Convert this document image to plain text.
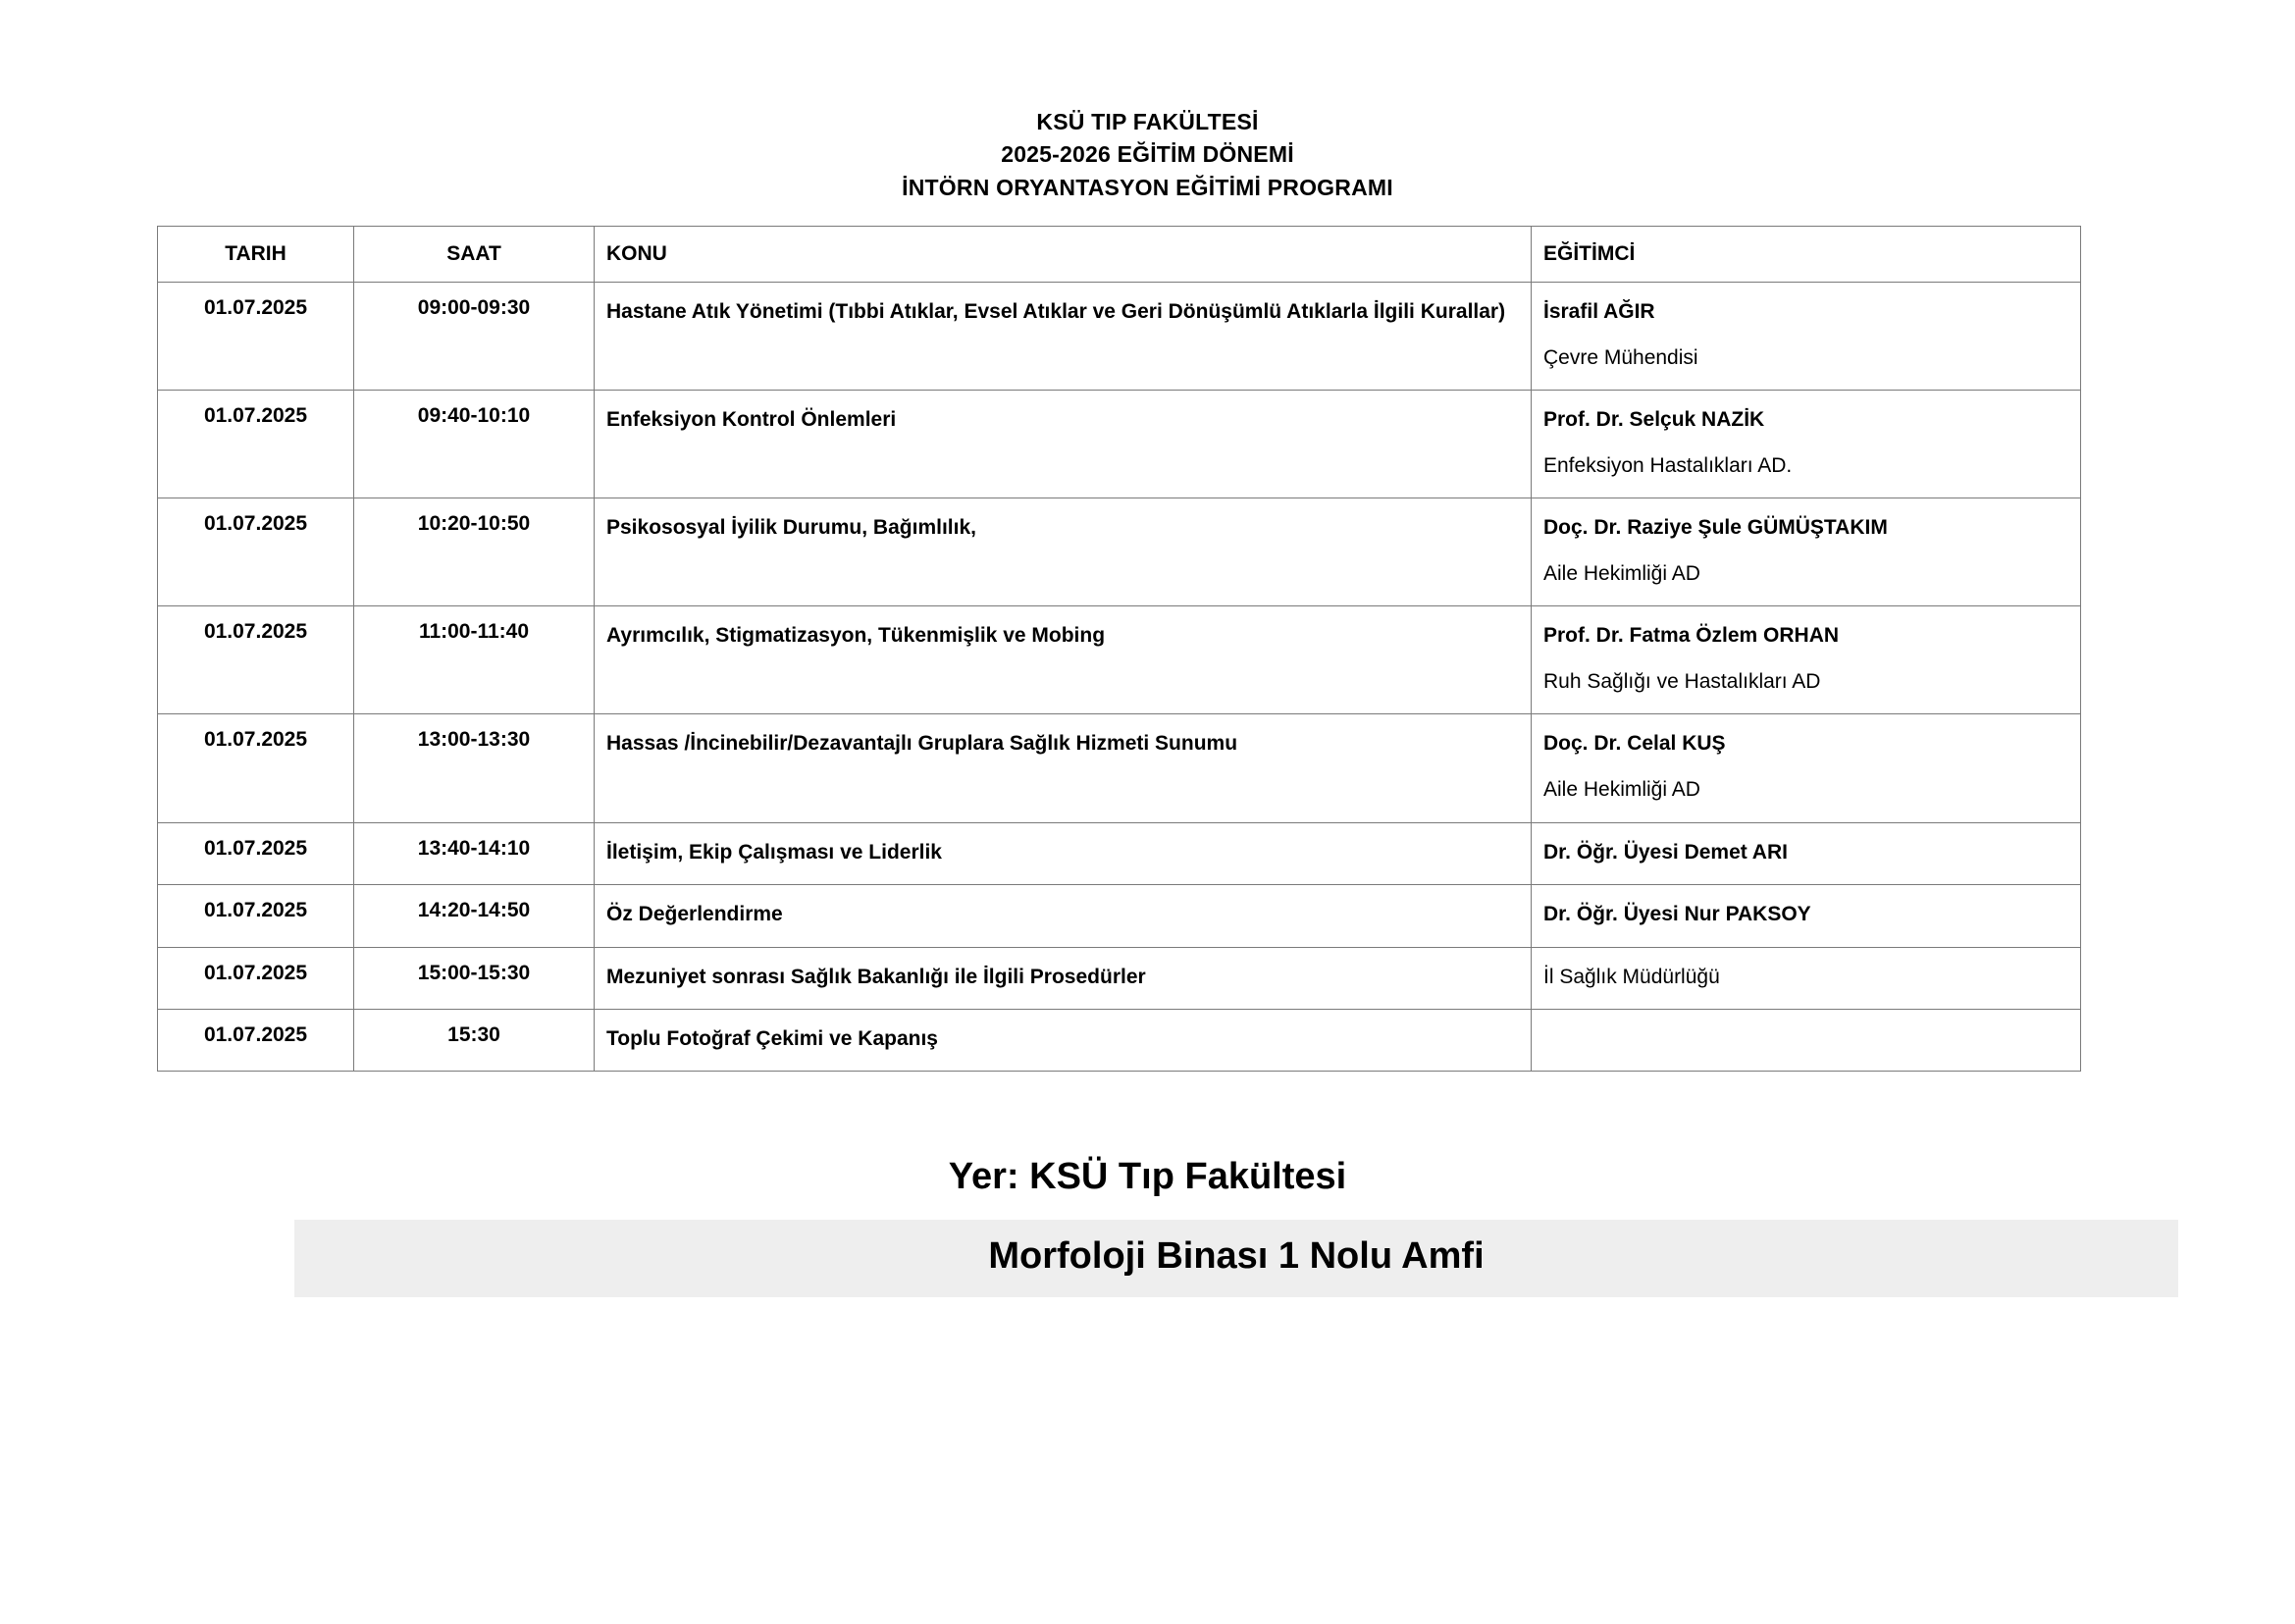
KSÜ TIP FAKÜLTESİ
2025-2026 EĞİTİM DÖNEMİ
İNTÖRN ORYANTASYON EĞİTİMİ PROGRAMI
TARIH	SAAT	KONU	EĞİTİMCİ
01.07.2025	09:00-09:30	Hastane Atık Yönetimi (Tıbbi Atıklar, Evsel Atıklar ve Geri Dönüşümlü Atıklarla İlgili Kurallar)	İsrafil AĞIR
Çevre Mühendisi

01.07.2025	09:40-10:10	Enfeksiyon Kontrol Önlemleri	Prof. Dr. Selçuk NAZİK
Enfeksiyon Hastalıkları AD.

01.07.2025	10:20-10:50	Psikososyal İyilik Durumu, Bağımlılık,	Doç. Dr. Raziye Şule GÜMÜŞTAKIM
Aile Hekimliği AD

01.07.2025	11:00-11:40	Ayrımcılık, Stigmatizasyon, Tükenmişlik ve Mobing	Prof. Dr. Fatma Özlem ORHAN
Ruh Sağlığı ve Hastalıkları AD

01.07.2025	13:00-13:30	Hassas /İncinebilir/Dezavantajlı Gruplara Sağlık Hizmeti Sunumu	Doç. Dr. Celal KUŞ
Aile Hekimliği AD

01.07.2025	13:40-14:10	İletişim, Ekip Çalışması ve Liderlik	Dr. Öğr. Üyesi Demet ARI

01.07.2025	14:20-14:50	Öz Değerlendirme	Dr. Öğr. Üyesi Nur PAKSOY

01.07.2025	15:00-15:30	Mezuniyet sonrası Sağlık Bakanlığı ile İlgili Prosedürler	İl Sağlık Müdürlüğü

01.07.2025	15:30	Toplu Fotoğraf Çekimi ve Kapanış	
Yer: KSÜ Tıp Fakültesi
Morfoloji Binası 1 Nolu Amfi
